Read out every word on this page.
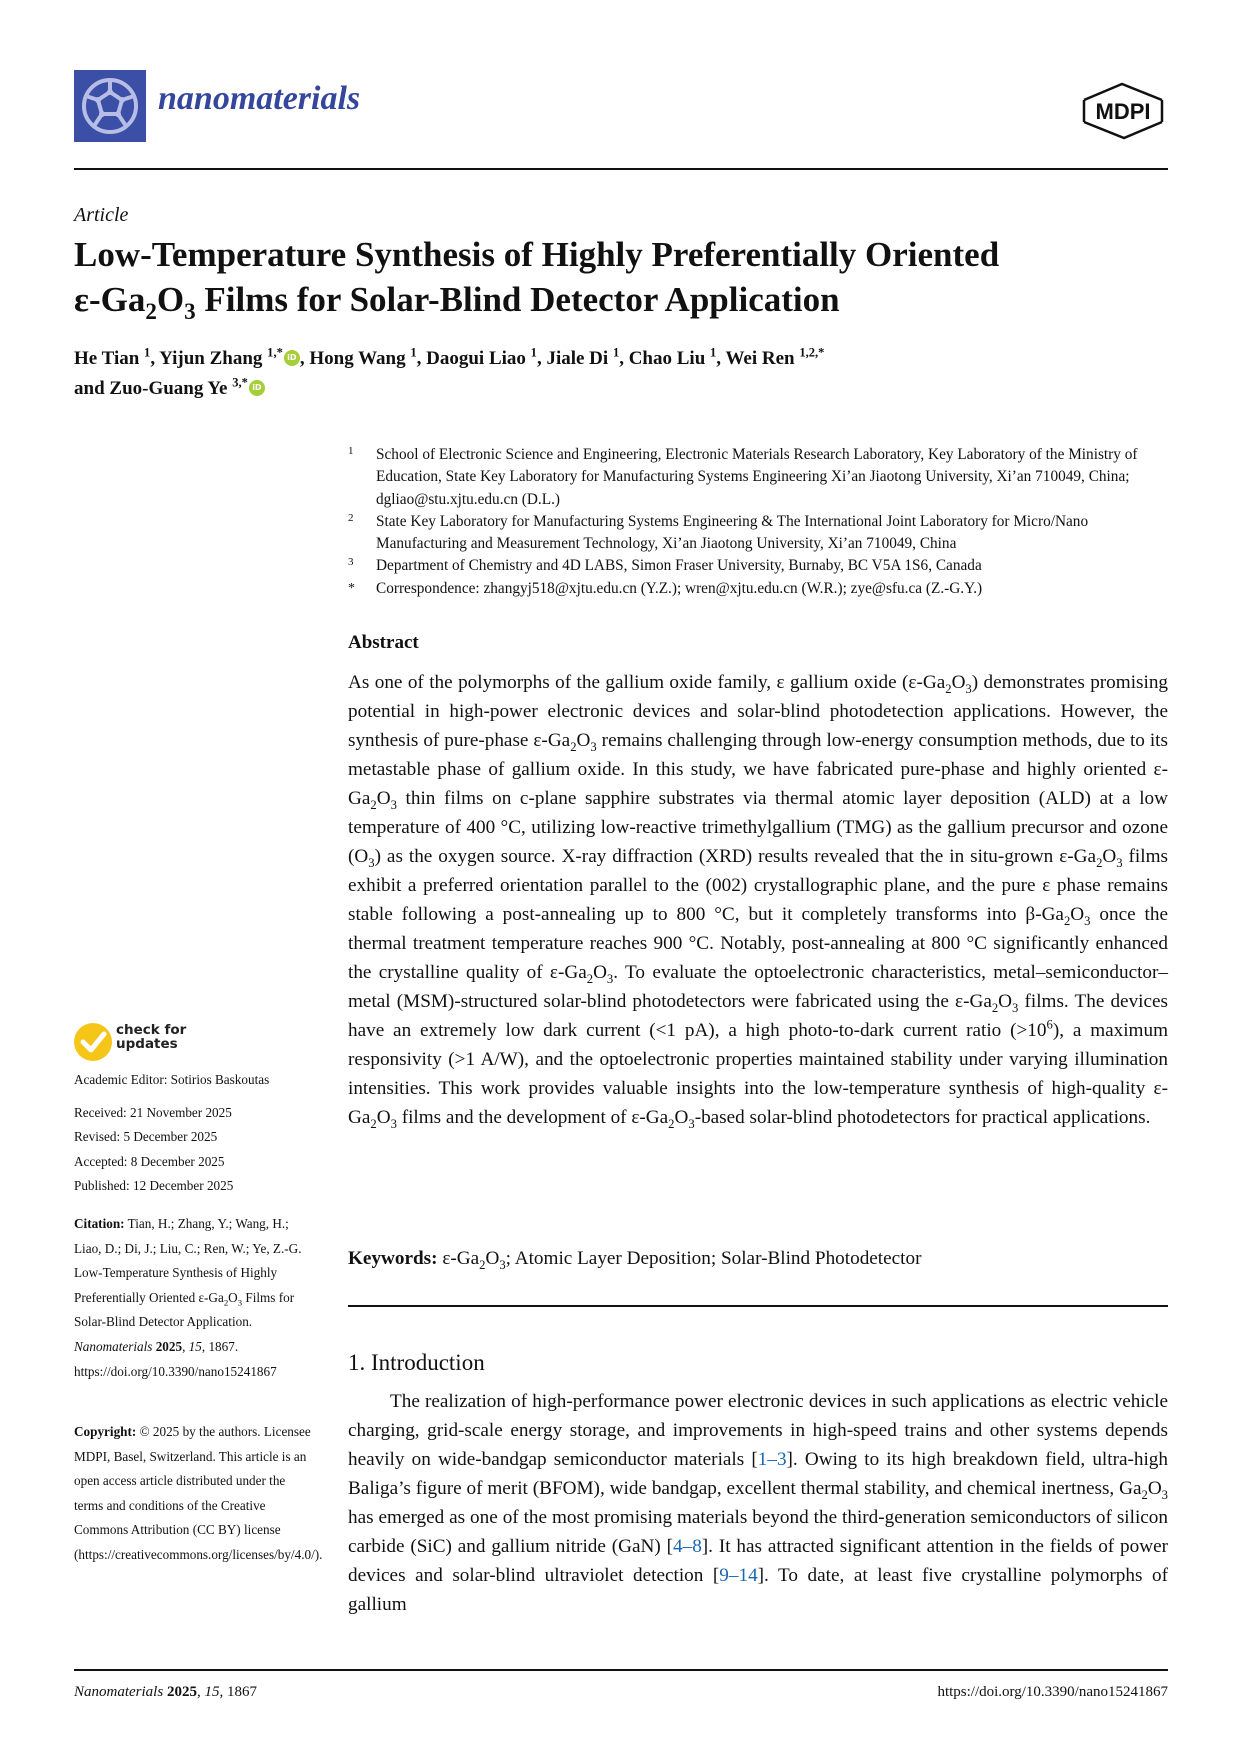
nanomaterials	MDPI
Article
Low-Temperature Synthesis of Highly Preferentially Oriented
$\varepsilon-Ga_2O_3$ Films for Solar-Blind Detector Application
He Tian $^1$, Yijun Zhang $^{1,*}$ iD , Hong Wang $^1$, Daogui Liao $^1$, Jiale Di $^1$, Chao Liu $^1$, Wei Ren $^{1,2,*}$
and Zuo-Guang Ye $^{3,*}$ iD
1 School of Electronic Science and Engineering, Electronic Materials Research Laboratory, Key Laboratory of the Ministry of Education, State Key Laboratory for Manufacturing Systems Engineering Xi’an Jiaotong University, Xi’an 710049, China; dgliao@stu.xjtu.edu.cn (D.L.)
2 State Key Laboratory for Manufacturing Systems Engineering & The International Joint Laboratory for Micro/Nano Manufacturing and Measurement Technology, Xi’an Jiaotong University, Xi’an 710049, China
3 Department of Chemistry and 4D LABS, Simon Fraser University, Burnaby, BC V5A 1S6, Canada
* Correspondence: zhangyj518@xjtu.edu.cn (Y.Z.); wren@xjtu.edu.cn (W.R.); zye@sfu.ca (Z.-G.Y.)
Abstract
As one of the polymorphs of the gallium oxide family, ε gallium oxide $(\varepsilon-Ga_2O_3)$ demonstrates promising potential in high-power electronic devices and solar-blind photodetection applications. However, the synthesis of pure-phase $\varepsilon-Ga_2O_3$ remains challenging through low-energy consumption methods, due to its metastable phase of gallium oxide. In this study, we have fabricated pure-phase and highly oriented $\varepsilon-Ga_2O_3$ thin films on c-plane sapphire substrates via thermal atomic layer deposition (ALD) at a low temperature of 400 °C, utilizing low-reactive trimethylgallium (TMG) as the gallium precursor and ozone $(O_3)$ as the oxygen source. X-ray diffraction (XRD) results revealed that the in situ-grown $\varepsilon-Ga_2O_3$ films exhibit a preferred orientation parallel to the (002) crystallographic plane, and the pure ε phase remains stable following a post-annealing up to 800 °C, but it completely transforms into $\beta-Ga_2O_3$ once the thermal treatment temperature reaches 900 °C. Notably, post-annealing at 800 °C significantly enhanced the crystalline quality of $\varepsilon-Ga_2O_3$. To evaluate the optoelectronic characteristics, metal–semiconductor–metal (MSM)-structured solar-blind photodetectors were fabricated using the $\varepsilon-Ga_2O_3$ films. The devices have an extremely low dark current (<1 pA), a high photo-to-dark current ratio $(>10^6)$, a maximum responsivity (>1 A/W), and the optoelectronic properties maintained stability under varying illumination intensities. This work provides valuable insights into the low-temperature synthesis of high-quality $\varepsilon-Ga_2O_3$ films and the development of $\varepsilon-Ga_2O_3$-based solar-blind photodetectors for practical applications.
Keywords: $\varepsilon-Ga_2O_3$; Atomic Layer Deposition; Solar-Blind Photodetector
1. Introduction
The realization of high-performance power electronic devices in such applications as electric vehicle charging, grid-scale energy storage, and improvements in high-speed trains and other systems depends heavily on wide-bandgap semiconductor materials [1–3]. Owing to its high breakdown field, ultra-high Baliga’s figure of merit (BFOM), wide bandgap, excellent thermal stability, and chemical inertness, $Ga_2O_3$ has emerged as one of the most promising materials beyond the third-generation semiconductors of silicon carbide (SiC) and gallium nitride (GaN) [4–8]. It has attracted significant attention in the fields of power devices and solar-blind ultraviolet detection [9–14]. To date, at least five crystalline polymorphs of gallium
check for
updates
Academic Editor: Sotirios Baskoutas
Received: 21 November 2025
Revised: 5 December 2025
Accepted: 8 December 2025
Published: 12 December 2025
Citation: Tian, H.; Zhang, Y.; Wang, H.; Liao, D.; Di, J.; Liu, C.; Ren, W.; Ye, Z.-G. Low-Temperature Synthesis of Highly Preferentially Oriented $\varepsilon-Ga_2O_3$ Films for Solar-Blind Detector Application. Nanomaterials 2025, 15, 1867. https://doi.org/10.3390/nano15241867
Copyright: © 2025 by the authors. Licensee MDPI, Basel, Switzerland. This article is an open access article distributed under the terms and conditions of the Creative Commons Attribution (CC BY) license (https://creativecommons.org/licenses/by/4.0/).
Nanomaterials 2025, 15, 1867	https://doi.org/10.3390/nano15241867
